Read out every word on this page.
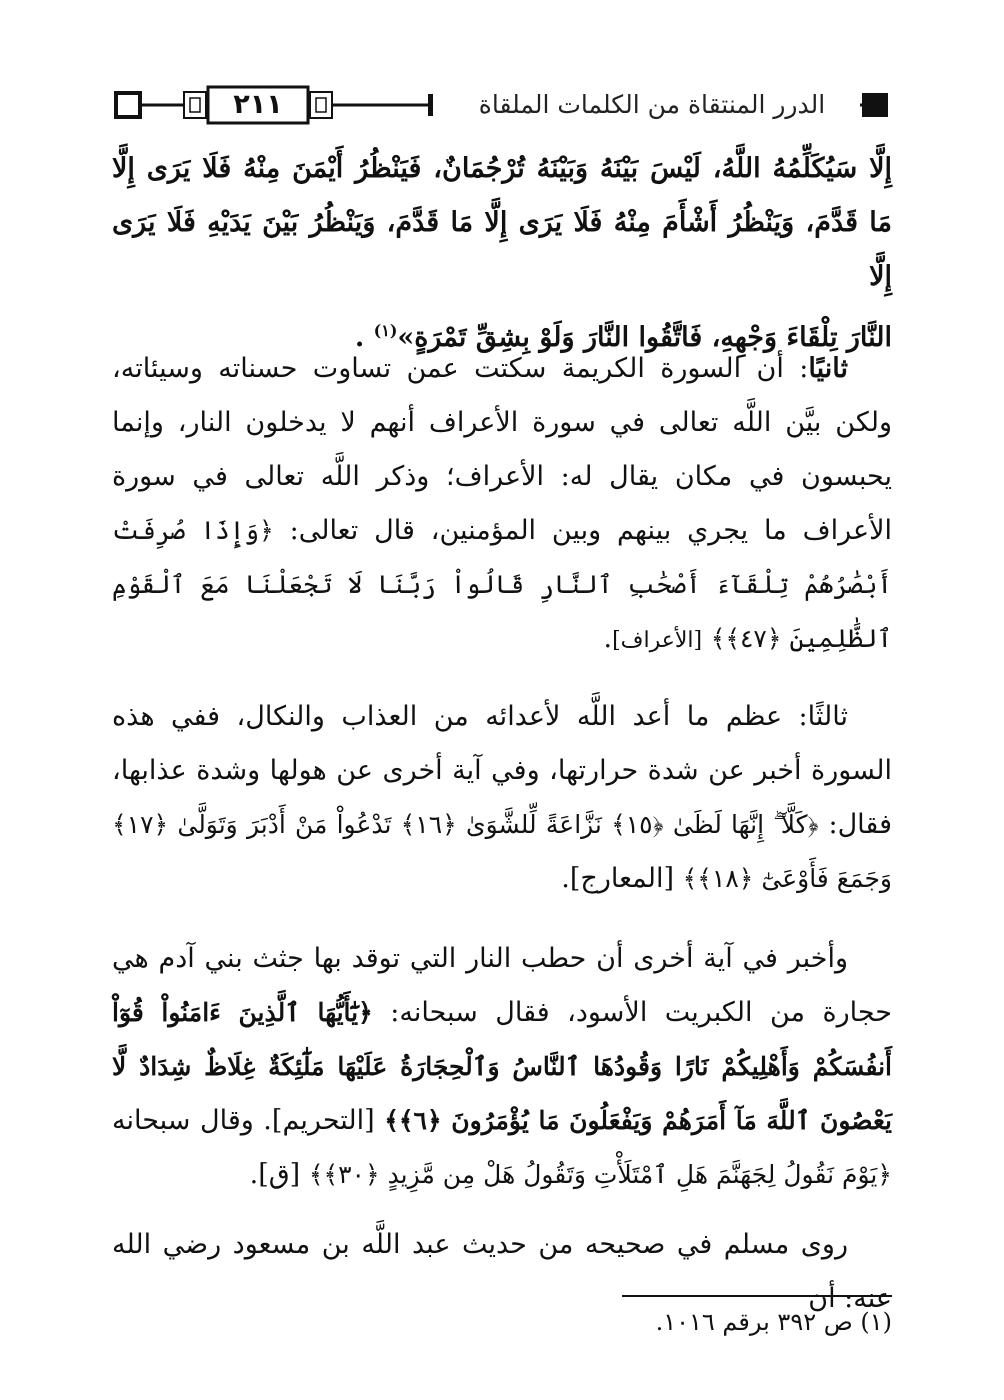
٢١١	الدرر المنتقاة من الكلمات الملقاة

إِلَّا سَيُكَلِّمُهُ اللَّهُ، لَيْسَ بَيْنَهُ وَبَيْنَهُ تُرْجُمَانٌ، فَيَنْظُرُ أَيْمَنَ مِنْهُ فَلَا يَرَى إِلَّا

مَا قَدَّمَ، وَيَنْظُرُ أَشْأَمَ مِنْهُ فَلَا يَرَى إِلَّا مَا قَدَّمَ، وَيَنْظُرُ بَيْنَ يَدَيْهِ فَلَا يَرَى إِلَّا

النَّارَ تِلْقَاءَ وَجْهِهِ، فَاتَّقُوا النَّارَ وَلَوْ بِشِقِّ تَمْرَةٍ»$^{(١)}$ .

ثانيًا: أن السورة الكريمة سكتت عمن تساوت حسناته وسيئاته، ولكن بيَّن اللَّه تعالى في سورة الأعراف أنهم لا يدخلون النار، وإنما يحبسون في مكان يقال له: الأعراف؛ وذكر اللَّه تعالى في سورة الأعراف ما يجري بينهم وبين المؤمنين، قال تعالى: ﴿وَإِذَا صُرِفَتْ أَبْصَٰرُهُمْ تِلْقَآءَ أَصْحَٰبِ ٱلنَّارِ قَالُواْ رَبَّنَا لَا تَجْعَلْنَا مَعَ ٱلْقَوْمِ ٱلظَّٰلِمِينَ ﴿٤٧﴾﴾ [الأعراف].

ثالثًا: عظم ما أعد اللَّه لأعدائه من العذاب والنكال، ففي هذه السورة أخبر عن شدة حرارتها، وفي آية أخرى عن هولها وشدة عذابها، فقال: ﴿كَلَّآ ۖ إِنَّهَا لَظَىٰ ﴿١٥﴾ نَزَّاعَةً لِّلشَّوَىٰ ﴿١٦﴾ تَدْعُواْ مَنْ أَدْبَرَ وَتَوَلَّىٰ ﴿١٧﴾ وَجَمَعَ فَأَوْعَىٰٓ ﴿١٨﴾﴾ [المعارج].

وأخبر في آية أخرى أن حطب النار التي توقد بها جثث بني آدم هي حجارة من الكبريت الأسود، فقال سبحانه: ﴿يَٰٓأَيُّهَا ٱلَّذِينَ ءَامَنُواْ قُوٓاْ أَنفُسَكُمْ وَأَهْلِيكُمْ نَارًا وَقُودُهَا ٱلنَّاسُ وَٱلْحِجَارَةُ عَلَيْهَا مَلَٰٓئِكَةٌ غِلَاظٌ شِدَادٌ لَّا يَعْصُونَ ٱللَّهَ مَآ أَمَرَهُمْ وَيَفْعَلُونَ مَا يُؤْمَرُونَ ﴿٦﴾﴾ [التحريم]. وقال سبحانه ﴿يَوْمَ نَقُولُ لِجَهَنَّمَ هَلِ ٱمْتَلَأْتِ وَتَقُولُ هَلْ مِن مَّزِيدٍ ﴿٣٠﴾﴾ [ق].

روى مسلم في صحيحه من حديث عبد اللَّه بن مسعود رضي الله عنه: أن

(١) ص ٣٩٢ برقم ١٠١٦.
